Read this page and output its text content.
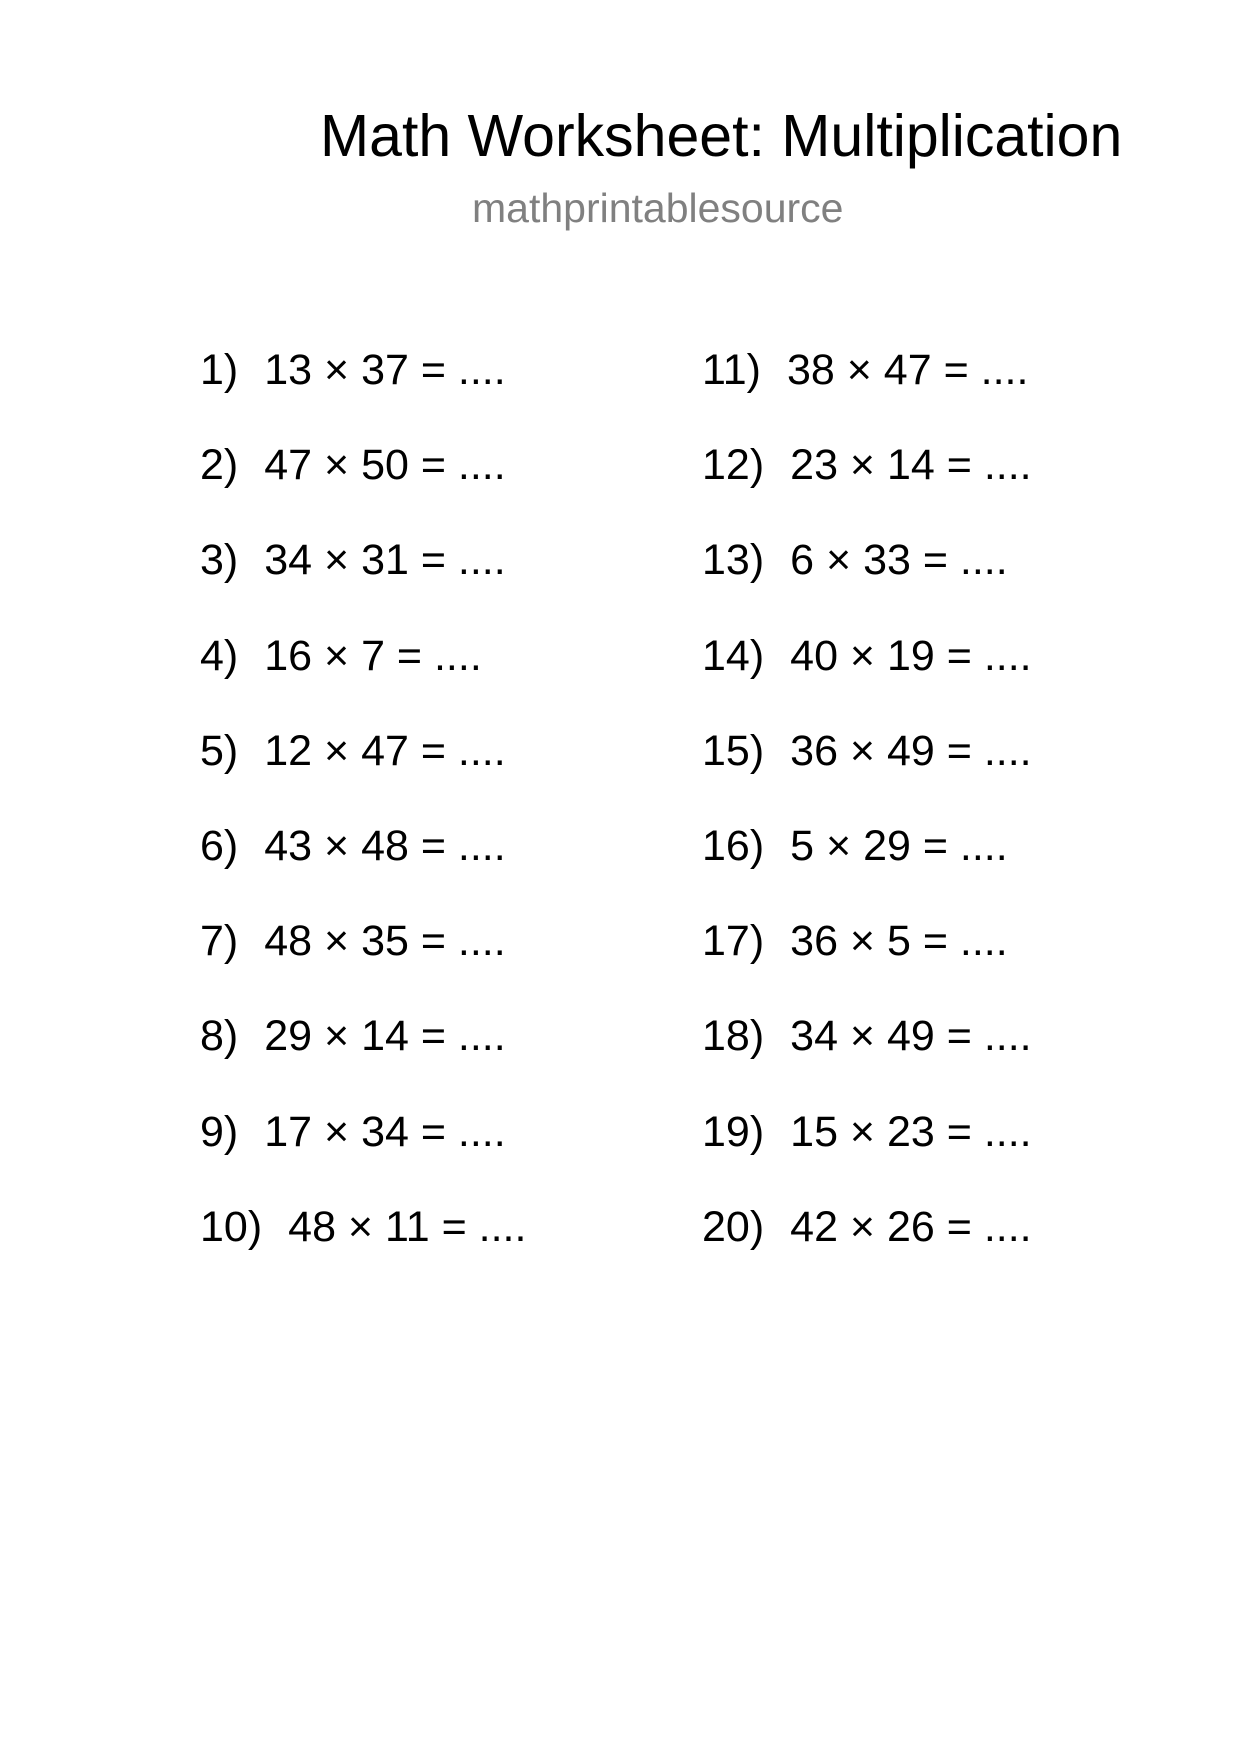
Math Worksheet: Multiplication
mathprintablesource
1) 13 × 37 = ....
2) 47 × 50 = ....
3) 34 × 31 = ....
4) 16 × 7 = ....
5) 12 × 47 = ....
6) 43 × 48 = ....
7) 48 × 35 = ....
8) 29 × 14 = ....
9) 17 × 34 = ....
10) 48 × 11 = ....
11) 38 × 47 = ....
12) 23 × 14 = ....
13) 6 × 33 = ....
14) 40 × 19 = ....
15) 36 × 49 = ....
16) 5 × 29 = ....
17) 36 × 5 = ....
18) 34 × 49 = ....
19) 15 × 23 = ....
20) 42 × 26 = ....
